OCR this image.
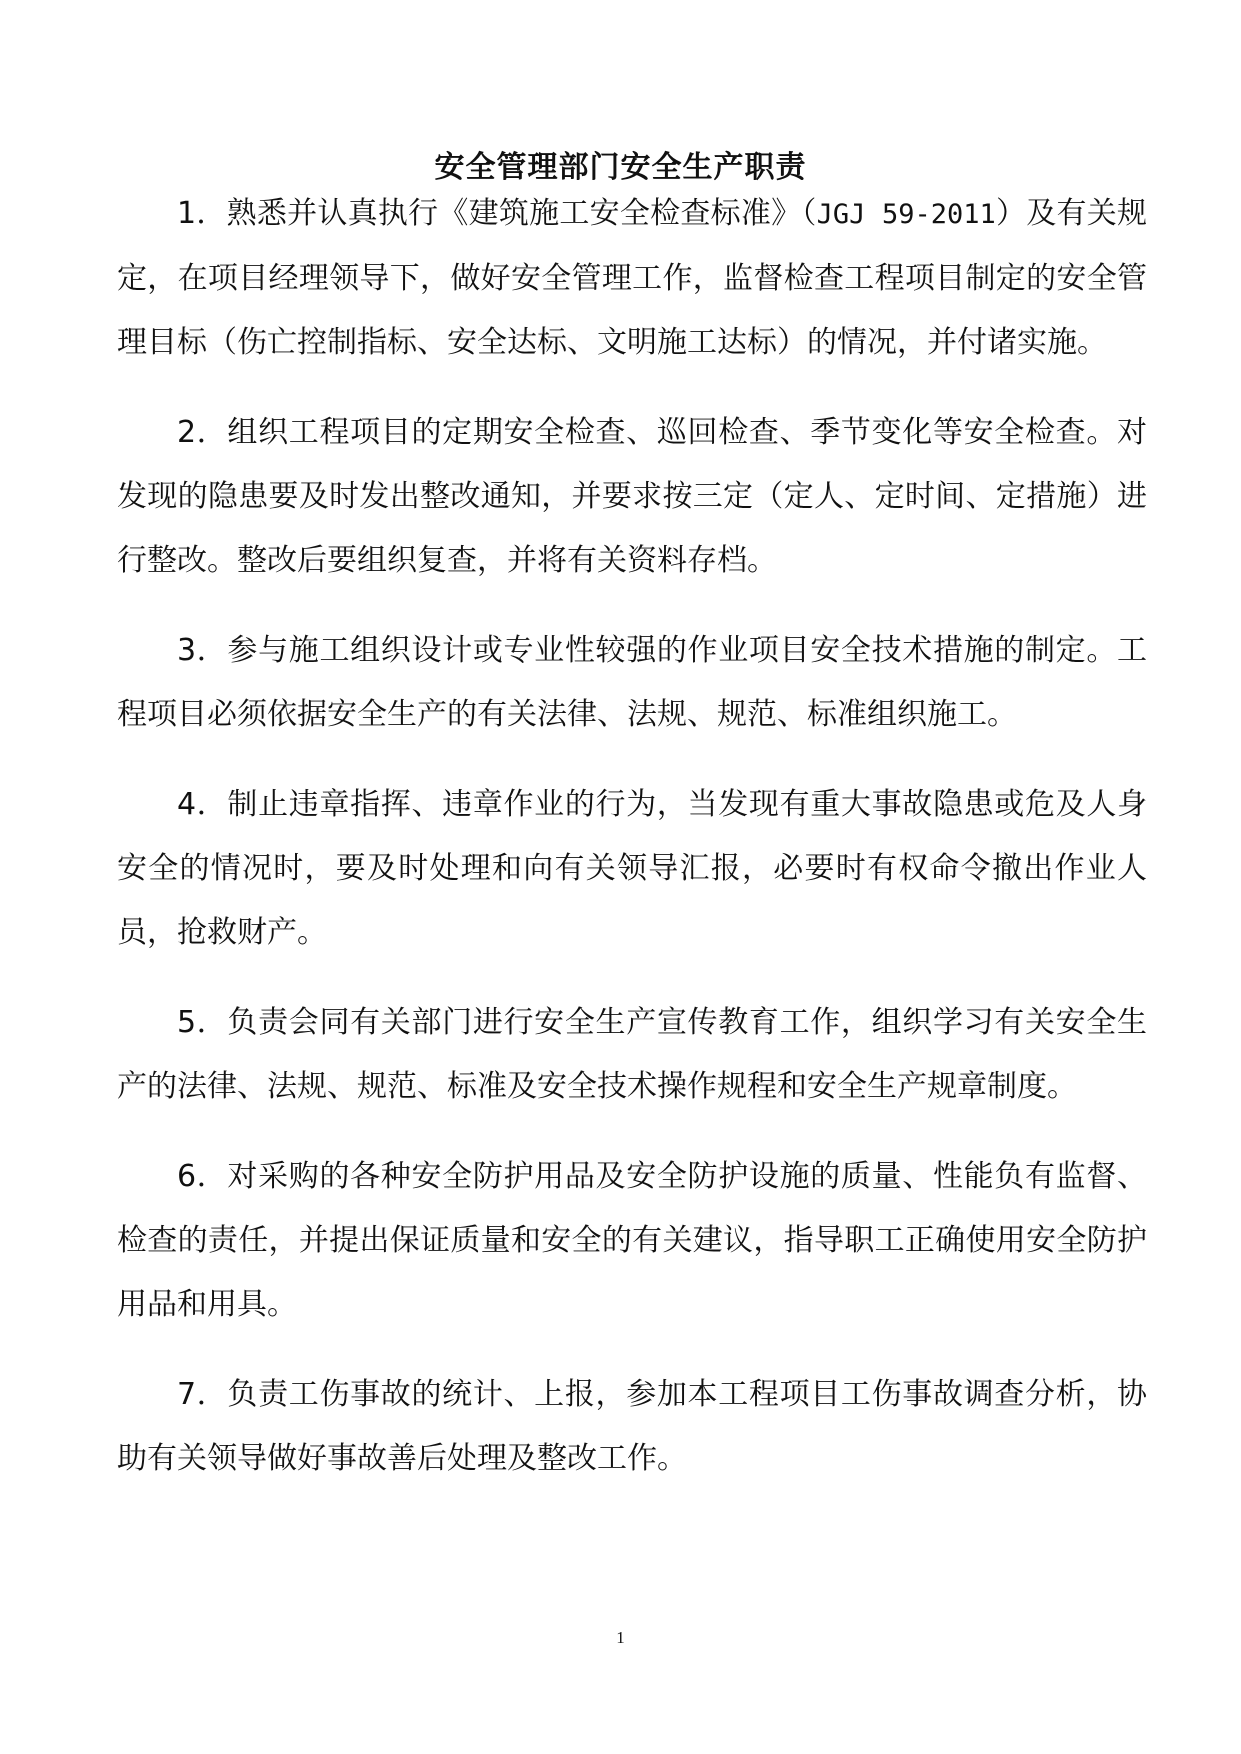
安全管理部门安全生产职责

1．熟悉并认真执行《建筑施工安全检查标准》（JGJ 59-2011）及有关规定，在项目经理领导下，做好安全管理工作，监督检查工程项目制定的安全管理目标（伤亡控制指标、安全达标、文明施工达标）的情况，并付诸实施。

2．组织工程项目的定期安全检查、巡回检查、季节变化等安全检查。对发现的隐患要及时发出整改通知，并要求按三定（定人、定时间、定措施）进行整改。整改后要组织复查，并将有关资料存档。

3．参与施工组织设计或专业性较强的作业项目安全技术措施的制定。工程项目必须依据安全生产的有关法律、法规、规范、标准组织施工。

4．制止违章指挥、违章作业的行为，当发现有重大事故隐患或危及人身安全的情况时，要及时处理和向有关领导汇报，必要时有权命令撤出作业人员，抢救财产。

5．负责会同有关部门进行安全生产宣传教育工作，组织学习有关安全生产的法律、法规、规范、标准及安全技术操作规程和安全生产规章制度。

6．对采购的各种安全防护用品及安全防护设施的质量、性能负有监督、检查的责任，并提出保证质量和安全的有关建议，指导职工正确使用安全防护用品和用具。

7．负责工伤事故的统计、上报，参加本工程项目工伤事故调查分析，协助有关领导做好事故善后处理及整改工作。

1
